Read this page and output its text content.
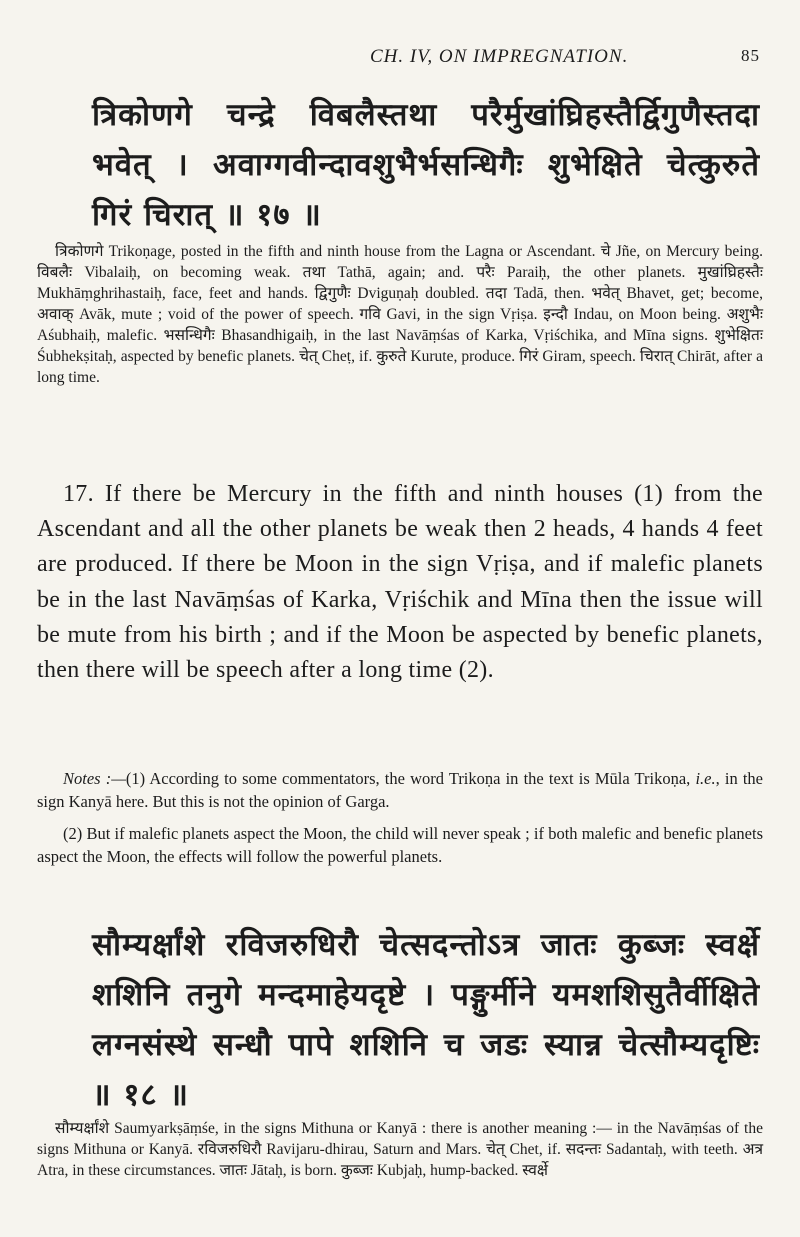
CH. IV, ON IMPREGNATION.	85
त्रिकोणगे चन्द्रे विबलैस्तथा परैर्मुखांघ्रिहस्तैर्द्विगुणैस्तदा भवेत् । अवाग्गवीन्दावशुभैर्भसन्धिगैः शुभेक्षिते चेत्कुरुते गिरं चिरात् ॥ १७ ॥
त्रिकोणगे Trikoṇage, posted in the fifth and ninth house from the Lagna or Ascendant. चे Jñe, on Mercury being. विबलैः Vibalaiḥ, on becoming weak. तथा Tathā, again; and. परैः Paraiḥ, the other planets. मुखांघ्रिहस्तैः Mukhāṃghrihastaiḥ, face, feet and hands. द्विगुणैः Dviguṇaḥ doubled. तदा Tadā, then. भवेत् Bhavet, get; become, अवाक् Avāk, mute ; void of the power of speech. गवि Gavi, in the sign Vṛiṣa. इन्दौ Indau, on Moon being. अशुभैः Aśubhaiḥ, malefic. भसन्धिगैः Bhasandhigaiḥ, in the last Navāṃśas of Karka, Vṛiśchika, and Mīna signs. शुभेक्षितः Śubhekṣitaḥ, aspected by benefic planets. चेत् Cheṭ, if. कुरुते Kurute, produce. गिरं Giram, speech. चिरात् Chirāt, after a long time.
17. If there be Mercury in the fifth and ninth houses (1) from the Ascendant and all the other planets be weak then 2 heads, 4 hands 4 feet are produced. If there be Moon in the sign Vṛiṣa, and if malefic planets be in the last Navāṃśas of Karka, Vṛiśchik and Mīna then the issue will be mute from his birth ; and if the Moon be aspected by benefic planets, then there will be speech after a long time (2).

Notes :—(1) According to some commentators, the word Trikoṇa in the text is Mūla Trikoṇa, i.e., in the sign Kanyā here. But this is not the opinion of Garga.

(2) But if malefic planets aspect the Moon, the child will never speak ; if both malefic and benefic planets aspect the Moon, the effects will follow the powerful planets.

सौम्यर्क्षांशे रविजरुधिरौ चेत्सदन्तोऽत्र जातः कुब्जः स्वर्क्षे शशिनि तनुगे मन्दमाहेयदृष्टे । पङ्गुर्मीने यमशशिसुतैर्वीक्षिते लग्नसंस्थे सन्धौ पापे शशिनि च जडः स्यान्न चेत्सौम्यदृष्टिः ॥ १८ ॥
सौम्यर्क्षांशे Saumyarkṣāṃśe, in the signs Mithuna or Kanyā : there is another meaning :— in the Navāṃśas of the signs Mithuna or Kanyā. रविजरुधिरौ Ravijaru-dhirau, Saturn and Mars. चेत् Chet, if. सदन्तः Sadantaḥ, with teeth. अत्र Atra, in these circumstances. जातः Jātaḥ, is born. कुब्जः Kubjaḥ, hump-backed. स्वर्क्षे
